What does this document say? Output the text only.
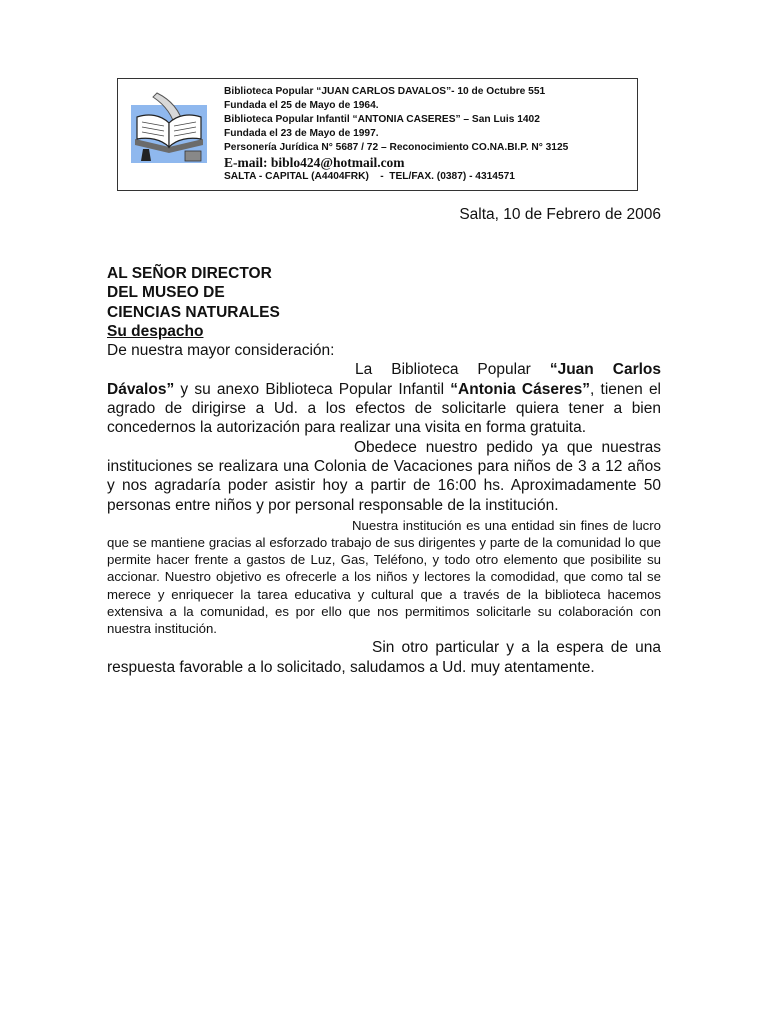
Biblioteca Popular “JUAN CARLOS DAVALOS”- 10 de Octubre 551
Fundada el 25 de Mayo de 1964.
Biblioteca Popular Infantil “ANTONIA CASERES” – San Luis 1402
Fundada el 23 de Mayo de 1997.
Personería Jurídica N° 5687 / 72 – Reconocimiento CO.NA.BI.P. N° 3125
E-mail: biblo424@hotmail.com
SALTA - CAPITAL (A4404FRK)    -  TEL/FAX. (0387) - 4314571
Salta, 10 de Febrero de 2006

AL SEÑOR DIRECTOR

DEL MUSEO DE

CIENCIAS NATURALES

Su despacho

De nuestra mayor consideración:

La Biblioteca Popular “Juan Carlos Dávalos” y su anexo Biblioteca Popular Infantil “Antonia Cáseres”, tienen el agrado de dirigirse a Ud. a los efectos de solicitarle quiera tener a bien concedernos la autorización para realizar una visita en forma gratuita.

Obedece nuestro pedido ya que nuestras instituciones se realizara una Colonia de Vacaciones para niños de 3 a 12 años y nos agradaría poder asistir hoy a partir de 16:00 hs. Aproximadamente 50 personas entre niños y por personal responsable de la institución.

Nuestra institución es una entidad sin fines de lucro que se mantiene gracias al esforzado trabajo de sus dirigentes y parte de la comunidad lo que permite hacer frente a gastos de Luz, Gas, Teléfono, y todo otro elemento que posibilite su accionar. Nuestro objetivo es ofrecerle a los niños y lectores la comodidad, que como tal se merece y enriquecer la tarea educativa y cultural que a través de la biblioteca hacemos extensiva a la comunidad, es por ello que nos permitimos solicitarle su colaboración con nuestra institución.

Sin otro particular y a la espera de una respuesta favorable a lo solicitado, saludamos a Ud. muy atentamente.
